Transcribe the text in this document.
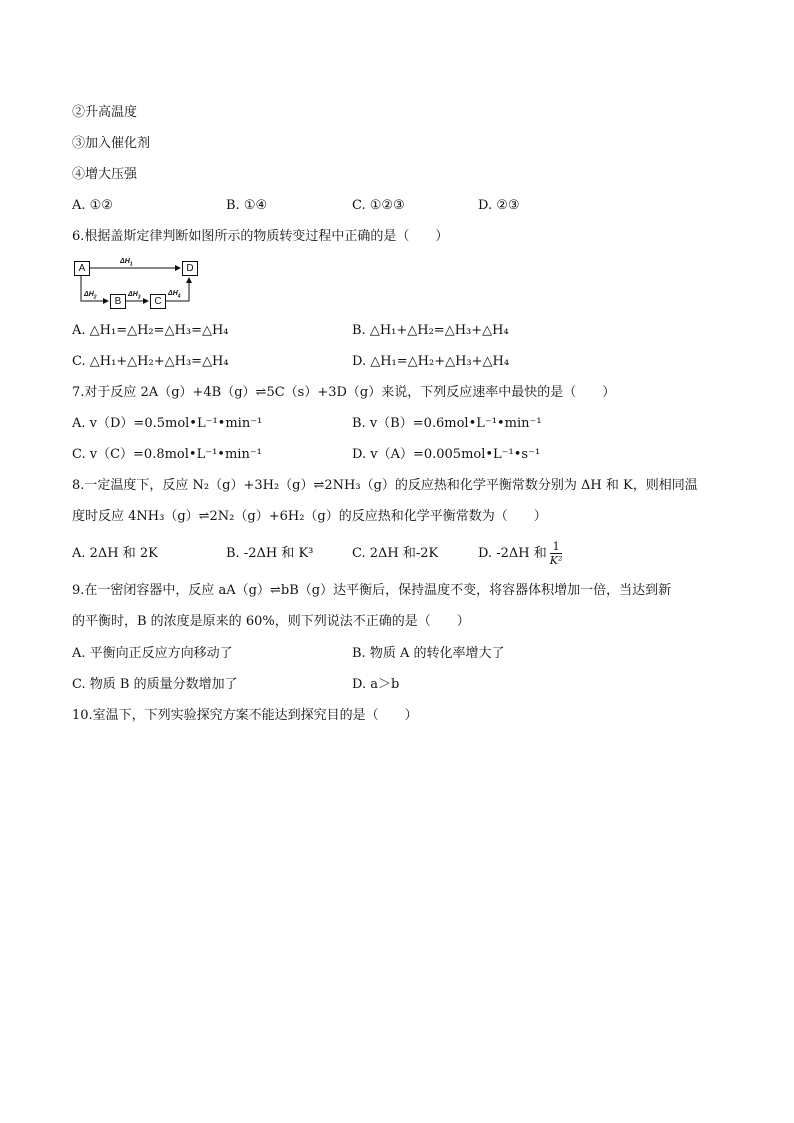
②升高温度
③加入催化剂
④增大压强
A. ①②	B. ①④	C. ①②③	D. ②③
6.根据盖斯定律判断如图所示的物质转变过程中正确的是（　　）
A	D
B	C
$\Delta H_1$
$\Delta H_2$	$\Delta H_3$
$\Delta H_4$
A. △H₁=△H₂=△H₃=△H₄	B. △H₁+△H₂=△H₃+△H₄
C. △H₁+△H₂+△H₃=△H₄	D. △H₁=△H₂+△H₃+△H₄
7.对于反应 2A（g）+4B（g）⇌5C（s）+3D（g）来说，下列反应速率中最快的是（　　）
A. v（D）=0.5mol•L⁻¹•min⁻¹	B. v（B）=0.6mol•L⁻¹•min⁻¹
C. v（C）=0.8mol•L⁻¹•min⁻¹	D. v（A）=0.005mol•L⁻¹•s⁻¹
8.一定温度下，反应 N₂（g）+3H₂（g）⇌2NH₃（g）的反应热和化学平衡常数分别为 ΔH 和 K，则相同温
度时反应 4NH₃（g）⇌2N₂（g）+6H₂（g）的反应热和化学平衡常数为（　　）
A. 2ΔH 和 2K	B. -2ΔH 和 K³	C. 2ΔH 和-2K	D. -2ΔH 和 $\frac{1}{\text{K²}}$
9.在一密闭容器中，反应 aA（g）⇌bB（g）达平衡后，保持温度不变，将容器体积增加一倍，当达到新
的平衡时，B 的浓度是原来的 60%，则下列说法不正确的是（　　）
A. 平衡向正反应方向移动了	B. 物质 A 的转化率增大了
C. 物质 B 的质量分数增加了	D. a＞b
10.室温下，下列实验探究方案不能达到探究目的是（　　）
